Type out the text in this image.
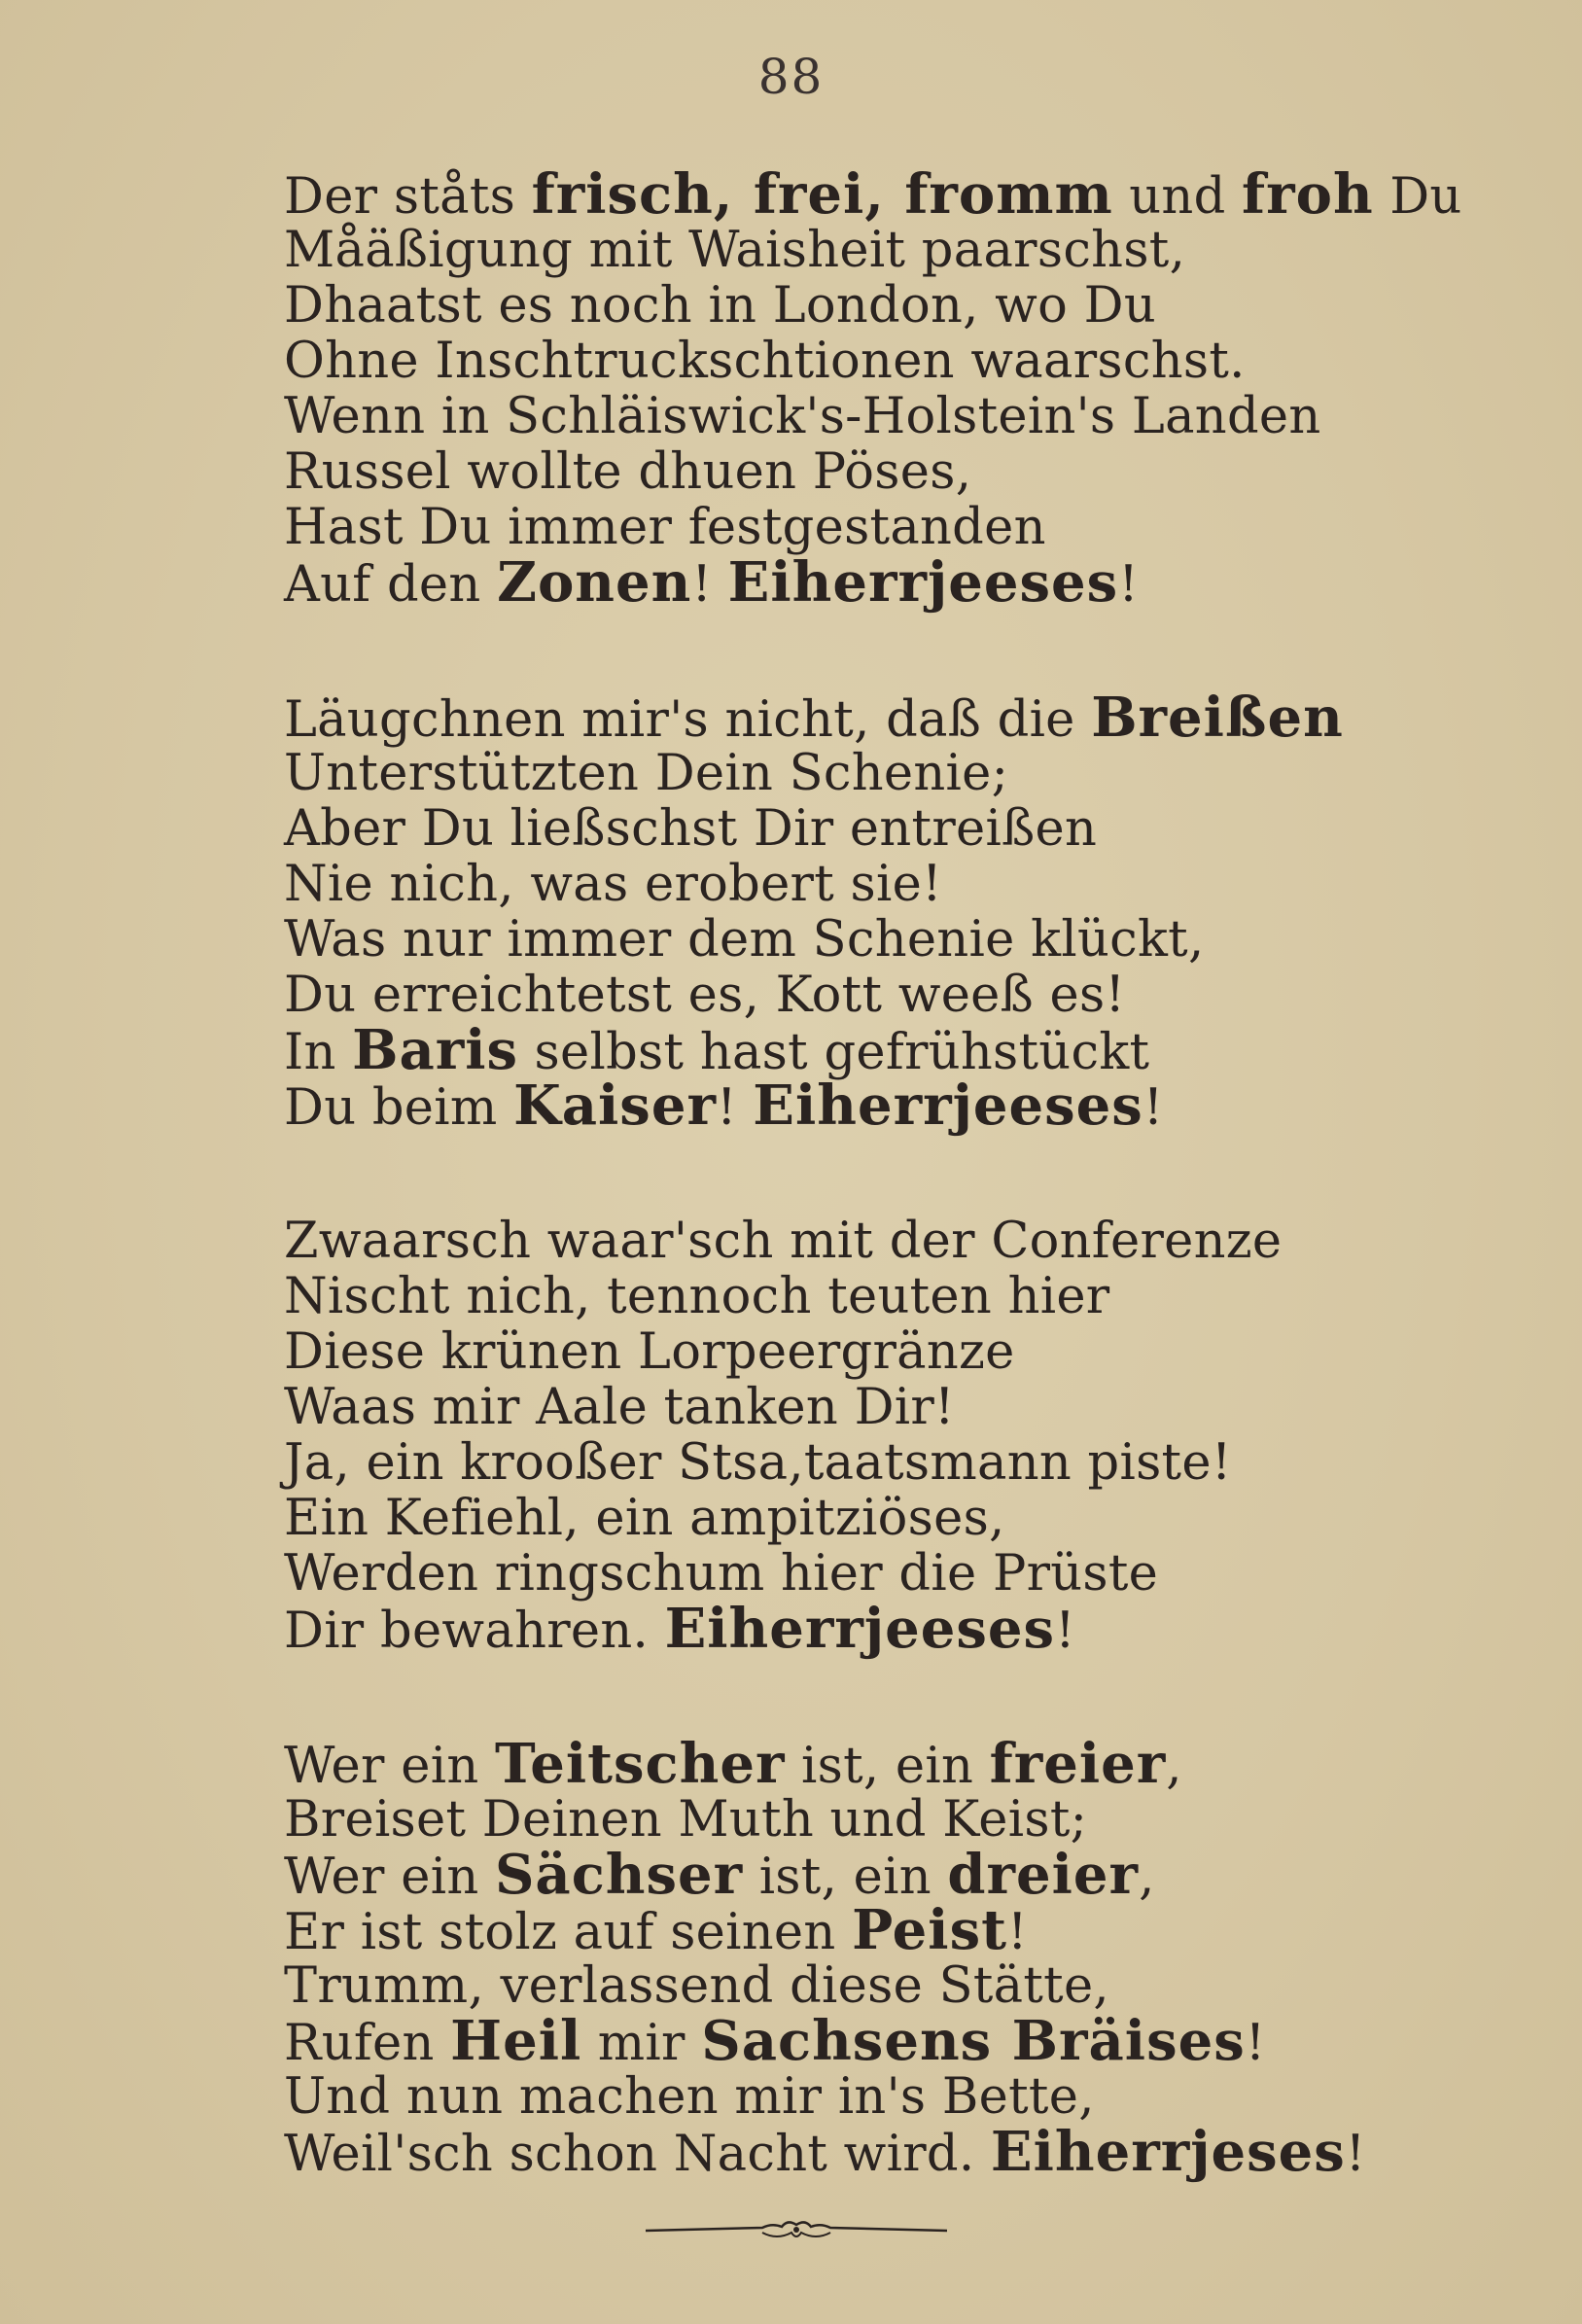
88
Der ståts frisch, frei, fromm und froh Du
Måäßigung mit Waisheit paarschst,
Dhaatst es noch in London, wo Du
Ohne Inschtruckschtionen waarschst.
Wenn in Schläiswick's-Holstein's Landen
Russel wollte dhuen Pöses,
Hast Du immer festgestanden
Auf den Zonen! Eiherrjeeses!
Läugchnen mir's nicht, daß die Breißen
Unterstützten Dein Schenie;
Aber Du ließschst Dir entreißen
Nie nich, was erobert sie!
Was nur immer dem Schenie klückt,
Du erreichtetst es, Kott weeß es!
In Baris selbst hast gefrühstückt
Du beim Kaiser! Eiherrjeeses!
Zwaarsch waar'sch mit der Conferenze
Nischt nich, tennoch teuten hier
Diese krünen Lorpeergränze
Waas mir Aale tanken Dir!
Ja, ein krooßer Stsa,taatsmann piste!
Ein Kefiehl, ein ampitziöses,
Werden ringschum hier die Prüste
Dir bewahren. Eiherrjeeses!
Wer ein Teitscher ist, ein freier,
Breiset Deinen Muth und Keist;
Wer ein Sächser ist, ein dreier,
Er ist stolz auf seinen Peist!
Trumm, verlassend diese Stätte,
Rufen Heil mir Sachsens Bräises!
Und nun machen mir in's Bette,
Weil'sch schon Nacht wird. Eiherrjeses!
